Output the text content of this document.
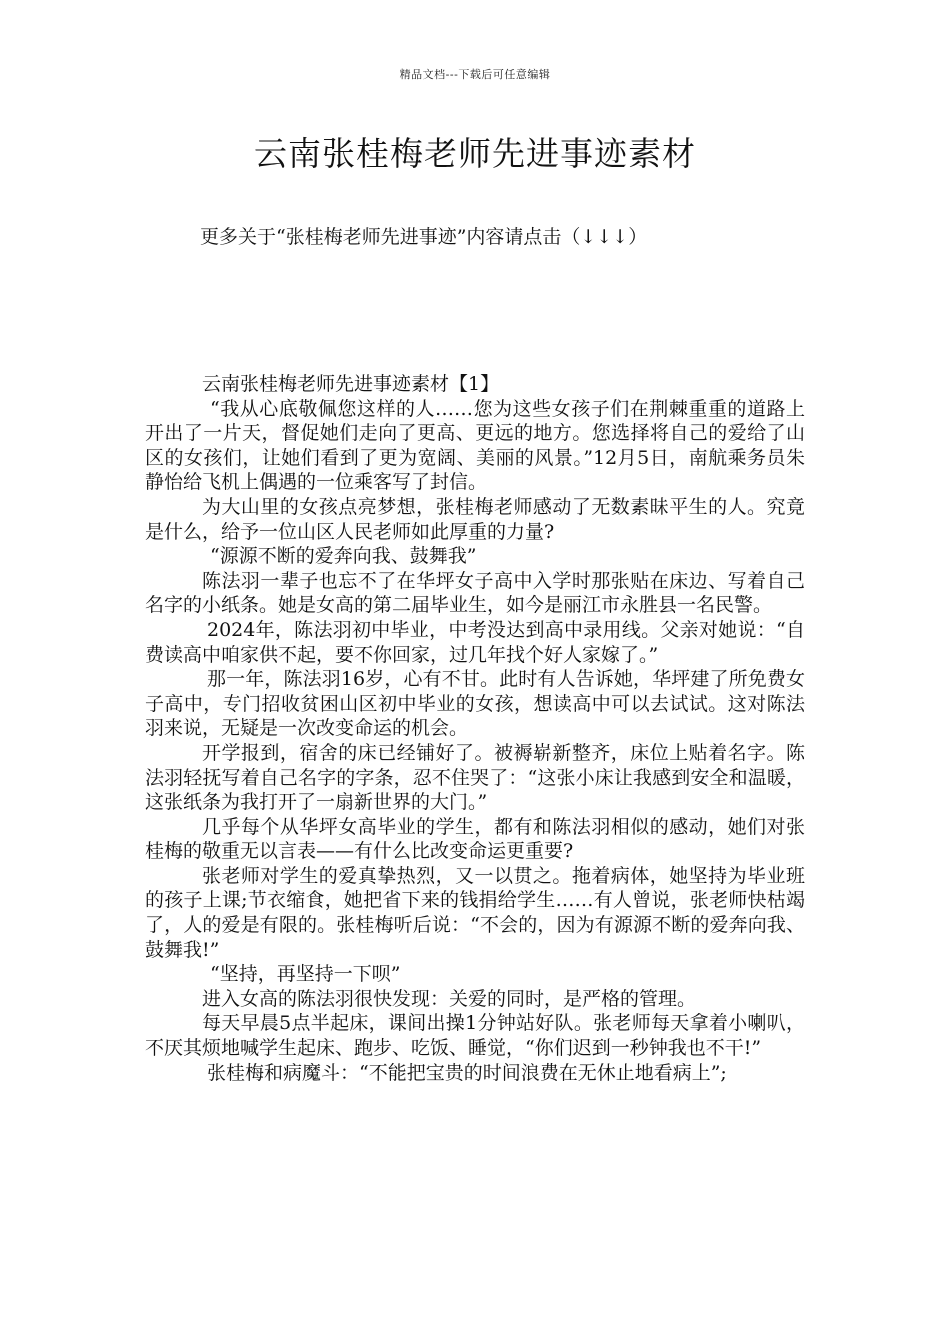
精品文档---下载后可任意编辑
云南张桂梅老师先进事迹素材
更多关于“张桂梅老师先进事迹”内容请点击（↓↓↓）

云南张桂梅老师先进事迹素材【1】

“我从心底敬佩您这样的人……您为这些女孩子们在荆棘重重的道路上开出了一片天，督促她们走向了更高、更远的地方。您选择将自己的爱给了山区的女孩们，让她们看到了更为宽阔、美丽的风景。”12月5日，南航乘务员朱静怡给飞机上偶遇的一位乘客写了封信。

为大山里的女孩点亮梦想，张桂梅老师感动了无数素昧平生的人。究竟是什么，给予一位山区人民老师如此厚重的力量?

“源源不断的爱奔向我、鼓舞我”

陈法羽一辈子也忘不了在华坪女子高中入学时那张贴在床边、写着自己名字的小纸条。她是女高的第二届毕业生，如今是丽江市永胜县一名民警。

2024年，陈法羽初中毕业，中考没达到高中录用线。父亲对她说：“自费读高中咱家供不起，要不你回家，过几年找个好人家嫁了。”

那一年，陈法羽16岁，心有不甘。此时有人告诉她，华坪建了所免费女子高中，专门招收贫困山区初中毕业的女孩，想读高中可以去试试。这对陈法羽来说，无疑是一次改变命运的机会。

开学报到，宿舍的床已经铺好了。被褥崭新整齐，床位上贴着名字。陈法羽轻抚写着自己名字的字条，忍不住哭了：“这张小床让我感到安全和温暖，这张纸条为我打开了一扇新世界的大门。”

几乎每个从华坪女高毕业的学生，都有和陈法羽相似的感动，她们对张桂梅的敬重无以言表——有什么比改变命运更重要?

张老师对学生的爱真挚热烈，又一以贯之。拖着病体，她坚持为毕业班的孩子上课;节衣缩食，她把省下来的钱捐给学生……有人曾说，张老师快枯竭了，人的爱是有限的。张桂梅听后说：“不会的，因为有源源不断的爱奔向我、鼓舞我!”

“坚持，再坚持一下呗”

进入女高的陈法羽很快发现：关爱的同时，是严格的管理。

每天早晨5点半起床，课间出操1分钟站好队。张老师每天拿着小喇叭，不厌其烦地喊学生起床、跑步、吃饭、睡觉，“你们迟到一秒钟我也不干!”

张桂梅和病魔斗：“不能把宝贵的时间浪费在无休止地看病上”;
